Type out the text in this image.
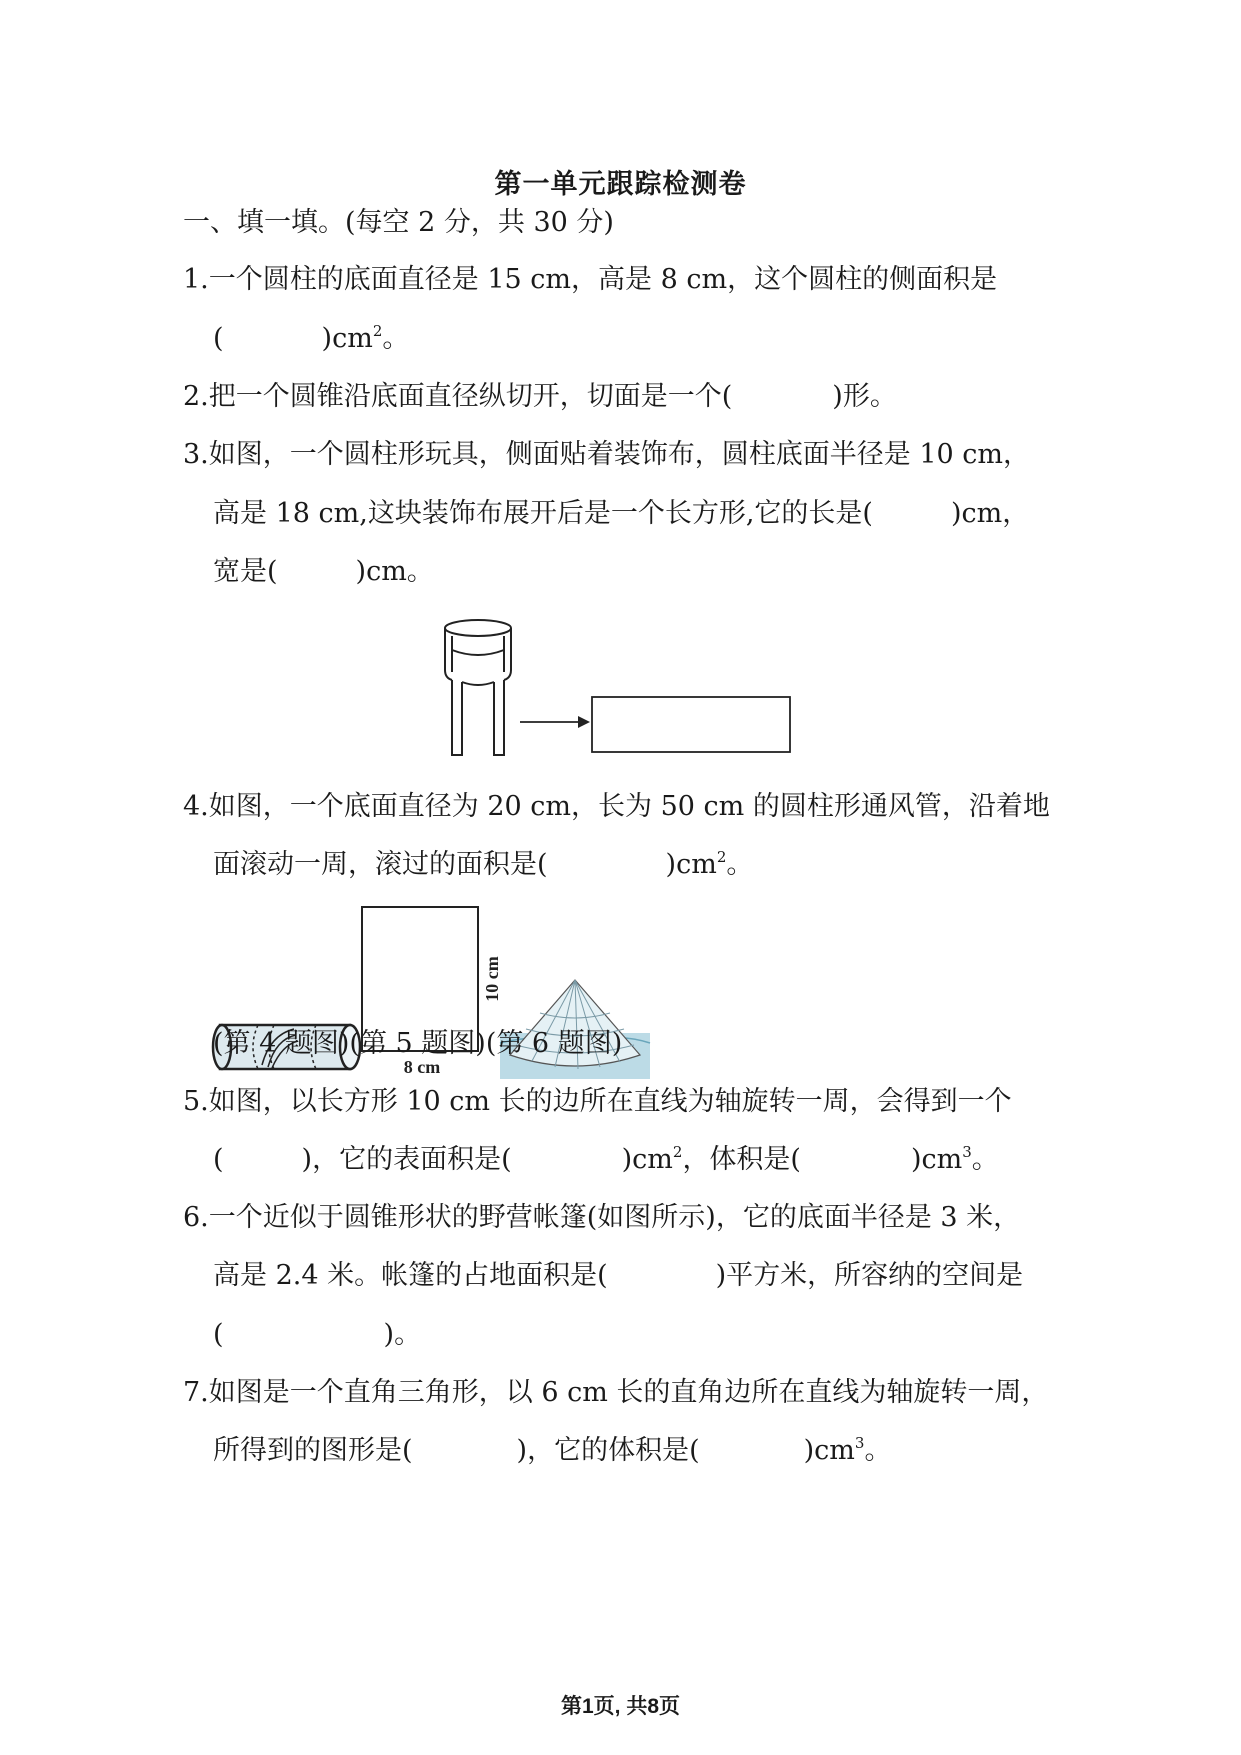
第一单元跟踪检测卷
一、填一填。(每空 2 分，共 30 分)
1.一个圆柱的底面直径是 15 cm，高是 8 cm，这个圆柱的侧面积是
(	)$cm^2$。
2.把一个圆锥沿底面直径纵切开，切面是一个(	)形。
3.如图，一个圆柱形玩具，侧面贴着装饰布，圆柱底面半径是 10 cm，
高是 18 cm,这块装饰布展开后是一个长方形,它的长是(	)cm，
宽是(	)cm。
4.如图，一个底面直径为 20 cm，长为 50 cm 的圆柱形通风管，沿着地
面滚动一周，滚过的面积是(	)$cm^2$。
10 cm
8 cm
(第 4 题图)(第 5 题图)(第 6 题图)
5.如图，以长方形 10 cm 长的边所在直线为轴旋转一周，会得到一个
(	)，它的表面积是(	)$cm^2$，体积是(	)$cm^3$。
6.一个近似于圆锥形状的野营帐篷(如图所示)，它的底面半径是 3 米，
高是 2.4 米。帐篷的占地面积是(	)平方米，所容纳的空间是
(	)。
7.如图是一个直角三角形，以 6 cm 长的直角边所在直线为轴旋转一周，
所得到的图形是(	)，它的体积是(	)$cm^3$。
第1页, 共8页
